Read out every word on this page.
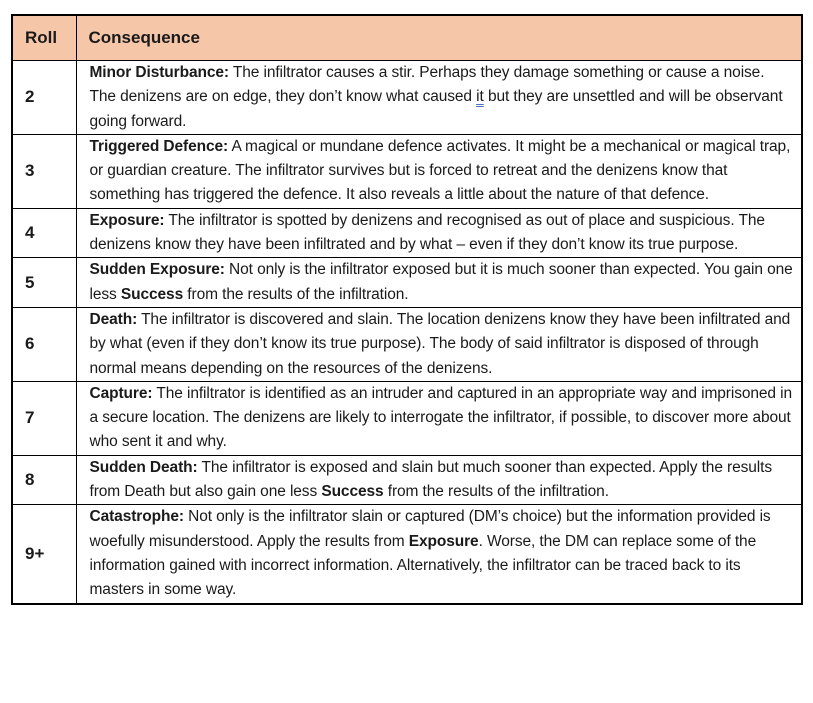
Roll	Consequence
2	Minor Disturbance: The infiltrator causes a stir. Perhaps they damage something or cause a noise. The denizens are on edge, they don’t know what caused it but they are unsettled and will be observant going forward.
3	Triggered Defence: A magical or mundane defence activates. It might be a mechanical or magical trap, or guardian creature. The infiltrator survives but is forced to retreat and the denizens know that something has triggered the defence. It also reveals a little about the nature of that defence.
4	Exposure: The infiltrator is spotted by denizens and recognised as out of place and suspicious. The denizens know they have been infiltrated and by what – even if they don’t know its true purpose.
5	Sudden Exposure: Not only is the infiltrator exposed but it is much sooner than expected. You gain one less Success from the results of the infiltration.
6	Death: The infiltrator is discovered and slain. The location denizens know they have been infiltrated and by what (even if they don’t know its true purpose). The body of said infiltrator is disposed of through normal means depending on the resources of the denizens.
7	Capture: The infiltrator is identified as an intruder and captured in an appropriate way and imprisoned in a secure location. The denizens are likely to interrogate the infiltrator, if possible, to discover more about who sent it and why.
8	Sudden Death: The infiltrator is exposed and slain but much sooner than expected. Apply the results from Death but also gain one less Success from the results of the infiltration.
9+	Catastrophe: Not only is the infiltrator slain or captured (DM’s choice) but the information provided is woefully misunderstood. Apply the results from Exposure. Worse, the DM can replace some of the information gained with incorrect information. Alternatively, the infiltrator can be traced back to its masters in some way.
